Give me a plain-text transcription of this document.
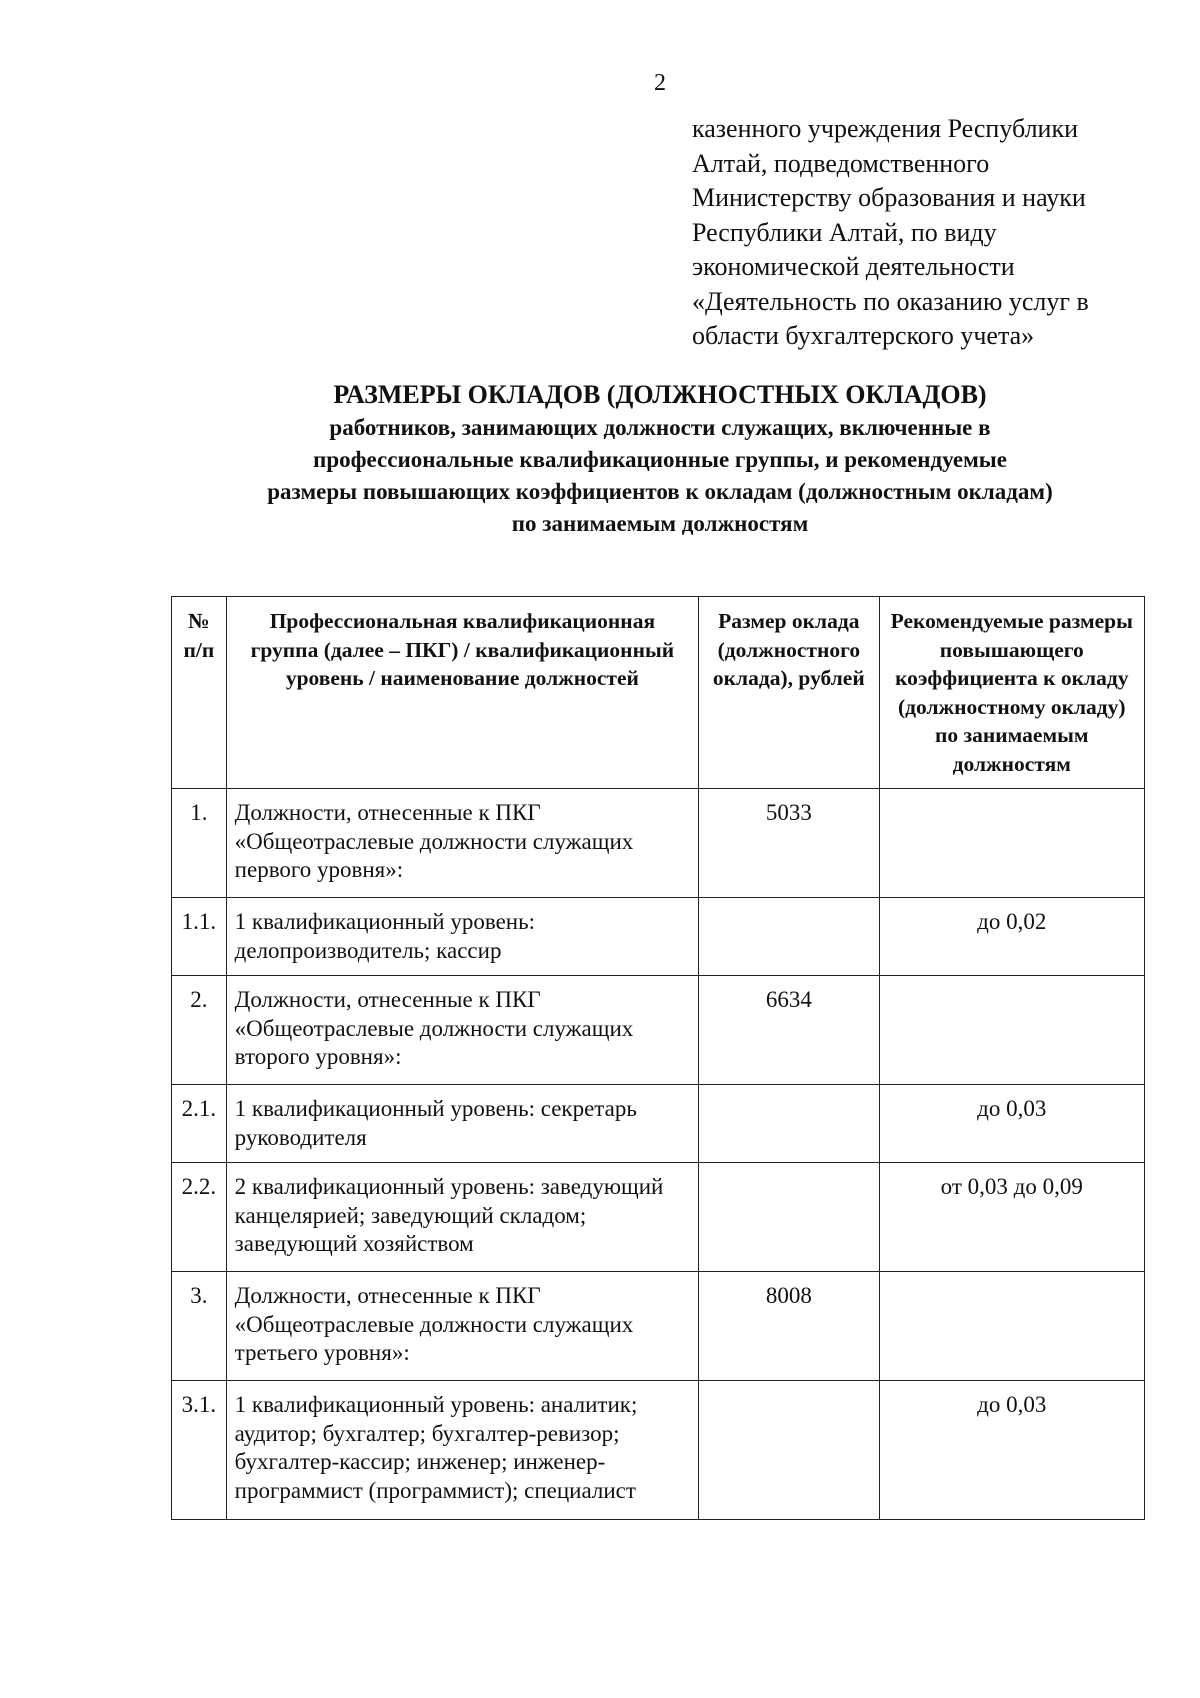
2
казенного учреждения Республики
Алтай, подведомственного
Министерству образования и науки
Республики Алтай, по виду
экономической деятельности
«Деятельность по оказанию услуг в
области бухгалтерского учета»
РАЗМЕРЫ ОКЛАДОВ (ДОЛЖНОСТНЫХ ОКЛАДОВ)
работников, занимающих должности служащих, включенные в
профессиональные квалификационные группы, и рекомендуемые
размеры повышающих коэффициентов к окладам (должностным окладам)
по занимаемым должностям
№ п/п	Профессиональная квалификационная группа (далее – ПКГ) / квалификационный уровень / наименование должностей	Размер оклада (должностного оклада), рублей	Рекомендуемые размеры повышающего коэффициента к окладу (должностному окладу) по занимаемым должностям
1.	Должности, отнесенные к ПКГ «Общеотраслевые должности служащих первого уровня»:	5033	
1.1.	1 квалификационный уровень: делопроизводитель; кассир		до 0,02
2.	Должности, отнесенные к ПКГ «Общеотраслевые должности служащих второго уровня»:	6634	
2.1.	1 квалификационный уровень: секретарь руководителя		до 0,03
2.2.	2 квалификационный уровень: заведующий канцелярией; заведующий складом; заведующий хозяйством		от 0,03 до 0,09
3.	Должности, отнесенные к ПКГ «Общеотраслевые должности служащих третьего уровня»:	8008	
3.1.	1 квалификационный уровень: аналитик; аудитор; бухгалтер; бухгалтер-ревизор; бухгалтер-кассир; инженер; инженер-программист (программист); специалист		до 0,03
